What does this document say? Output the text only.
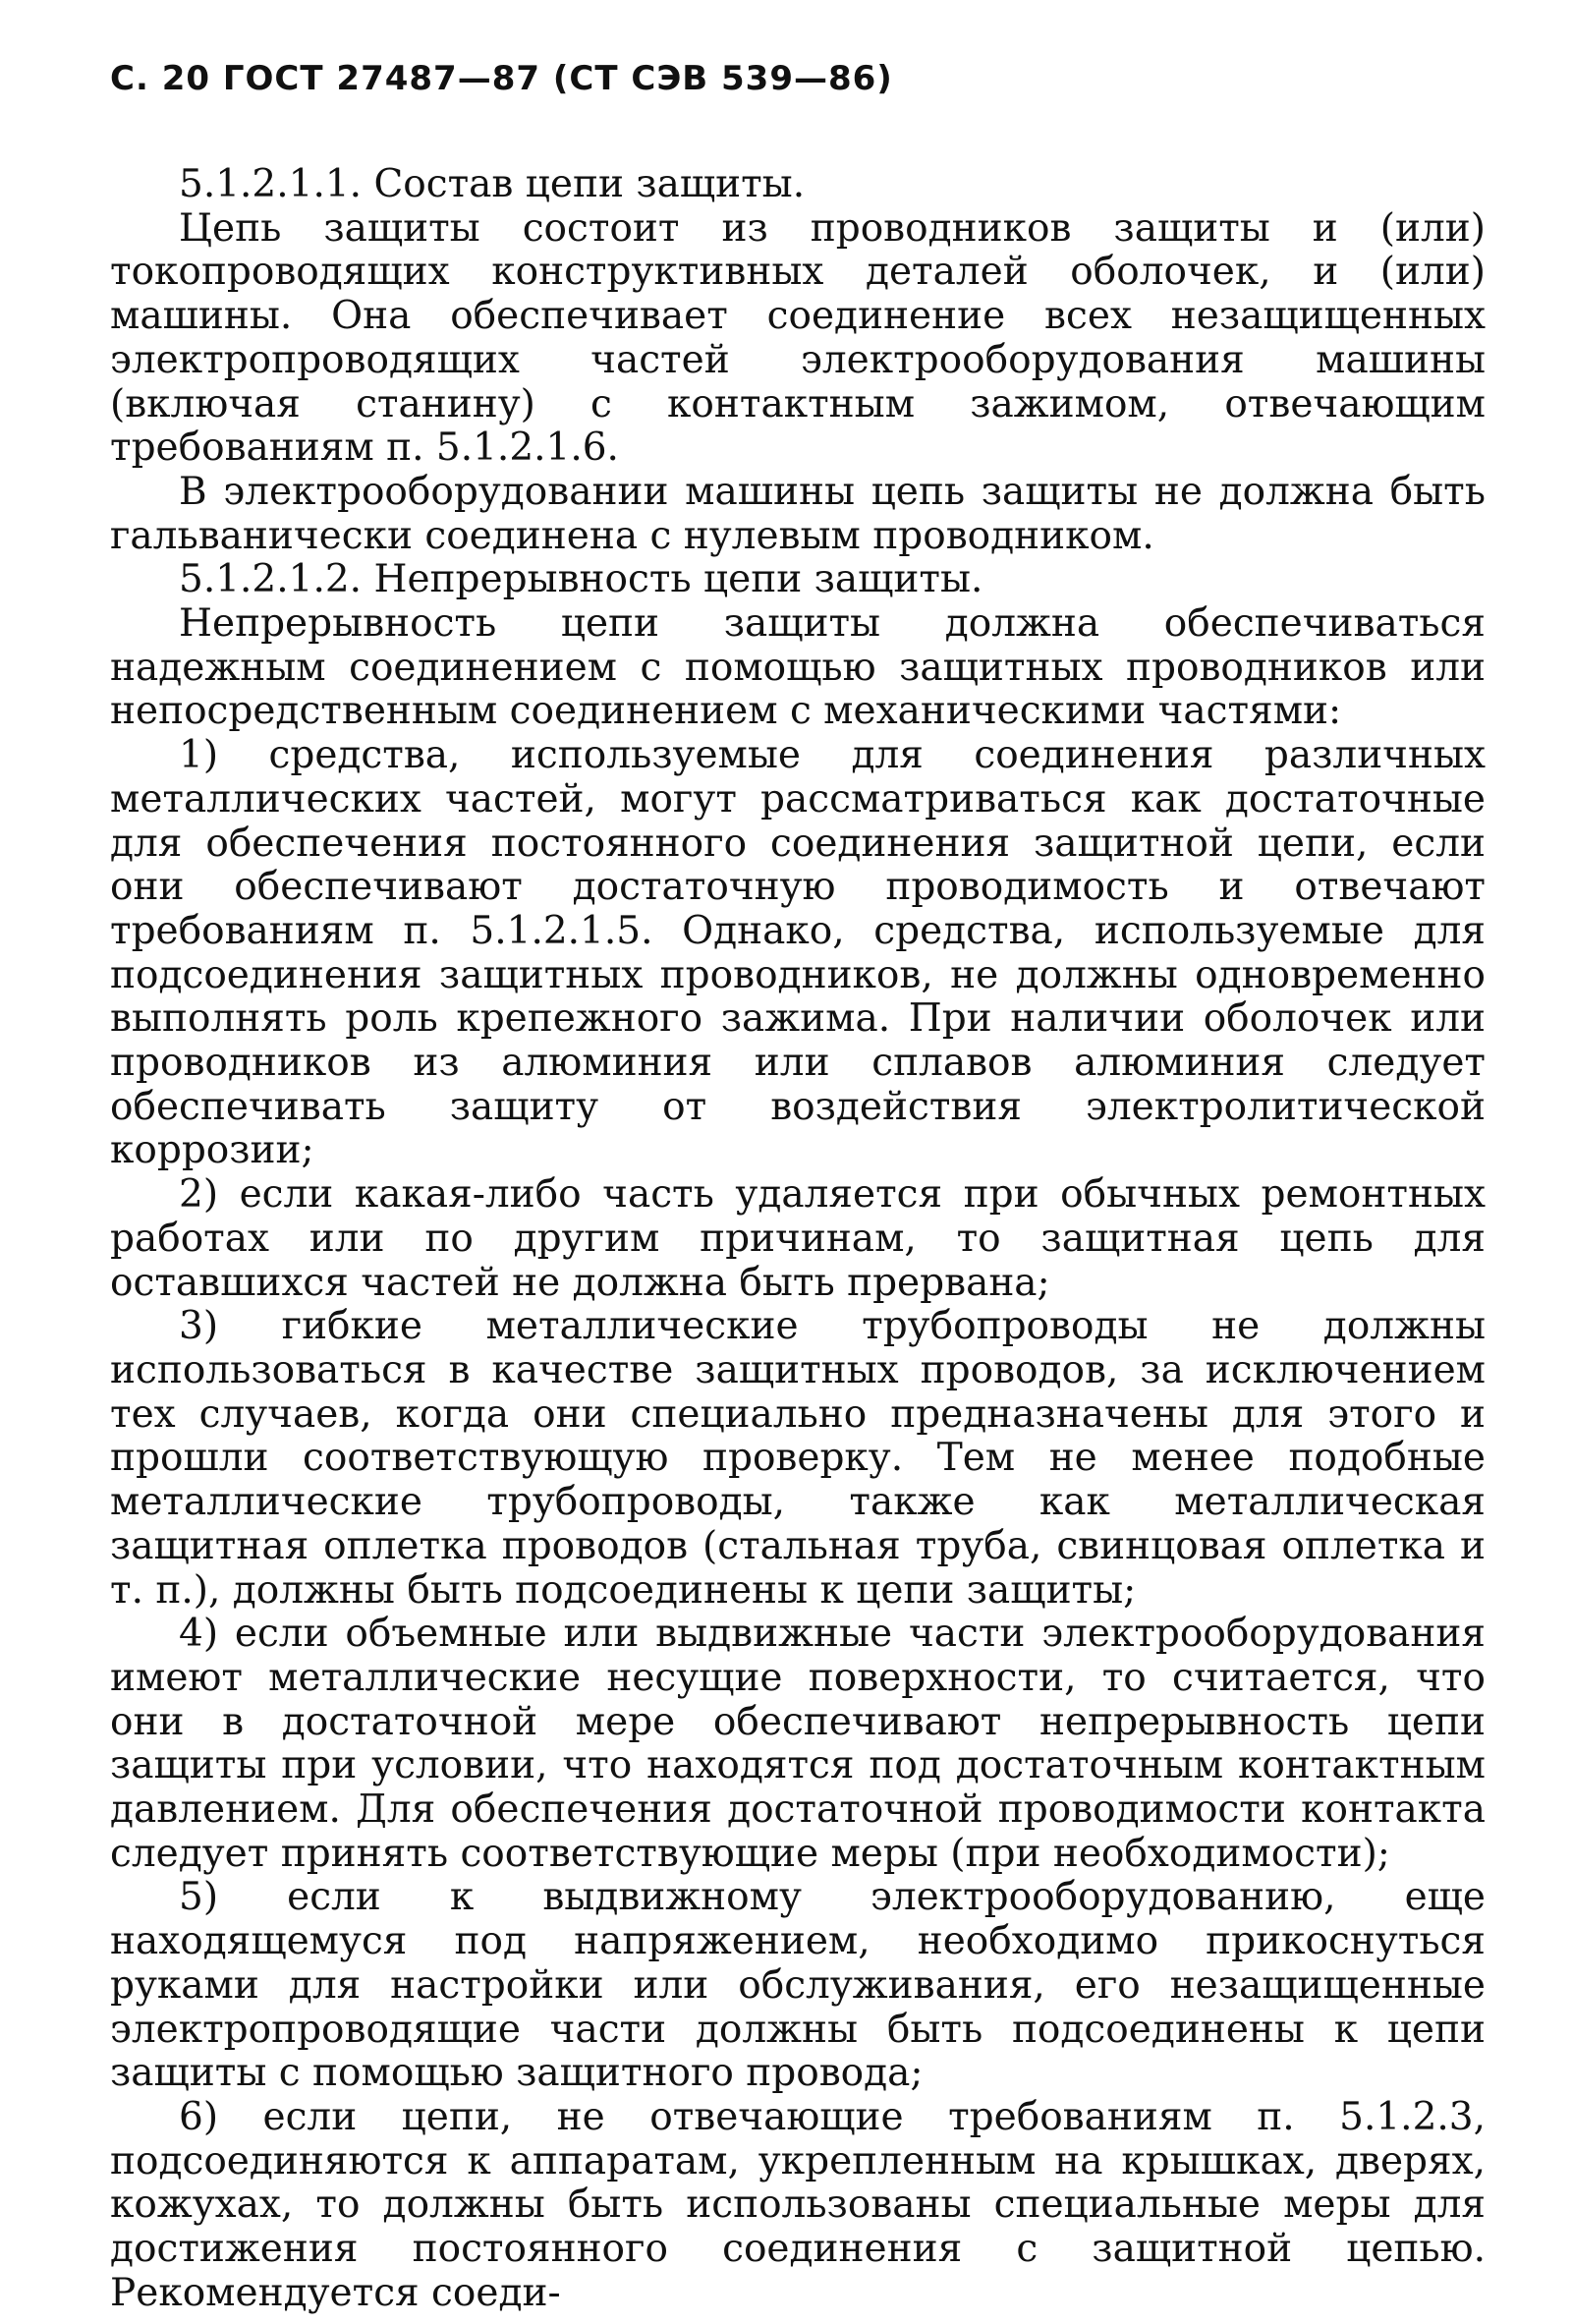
С. 20 ГОСТ 27487—87 (СТ СЭВ 539—86)

5.1.2.1.1. Состав цепи защиты.

Цепь защиты состоит из проводников защиты и (или) токопроводящих конструктивных деталей оболочек, и (или) машины. Она обеспечивает соединение всех незащищенных электропроводящих частей электрооборудования машины (включая станину) с контактным зажимом, отвечающим требованиям п. 5.1.2.1.6.

В электрооборудовании машины цепь защиты не должна быть гальванически соединена с нулевым проводником.

5.1.2.1.2. Непрерывность цепи защиты.

Непрерывность цепи защиты должна обеспечиваться надежным соединением с помощью защитных проводников или непосредственным соединением с механическими частями:

1) средства, используемые для соединения различных металлических частей, могут рассматриваться как достаточные для обеспечения постоянного соединения защитной цепи, если они обеспечивают достаточную проводимость и отвечают требованиям п. 5.1.2.1.5. Однако, средства, используемые для подсоединения защитных проводников, не должны одновременно выполнять роль крепежного зажима. При наличии оболочек или проводников из алюминия или сплавов алюминия следует обеспечивать защиту от воздействия электролитической коррозии;

2) если какая-либо часть удаляется при обычных ремонтных работах или по другим причинам, то защитная цепь для оставшихся частей не должна быть прервана;

3) гибкие металлические трубопроводы не должны использоваться в качестве защитных проводов, за исключением тех случаев, когда они специально предназначены для этого и прошли соответствующую проверку. Тем не менее подобные металлические трубопроводы, также как металлическая защитная оплетка проводов (стальная труба, свинцовая оплетка и т. п.), должны быть подсоединены к цепи защиты;

4) если объемные или выдвижные части электрооборудования имеют металлические несущие поверхности, то считается, что они в достаточной мере обеспечивают непрерывность цепи защиты при условии, что находятся под достаточным контактным давлением. Для обеспечения достаточной проводимости контакта следует принять соответствующие меры (при необходимости);

5) если к выдвижному электрооборудованию, еще находящемуся под напряжением, необходимо прикоснуться руками для настройки или обслуживания, его незащищенные электропроводящие части должны быть подсоединены к цепи защиты с помощью защитного провода;

6) если цепи, не отвечающие требованиям п. 5.1.2.3, подсоединяются к аппаратам, укрепленным на крышках, дверях, кожухах, то должны быть использованы специальные меры для достижения постоянного соединения с защитной цепью. Рекомендуется соеди-
